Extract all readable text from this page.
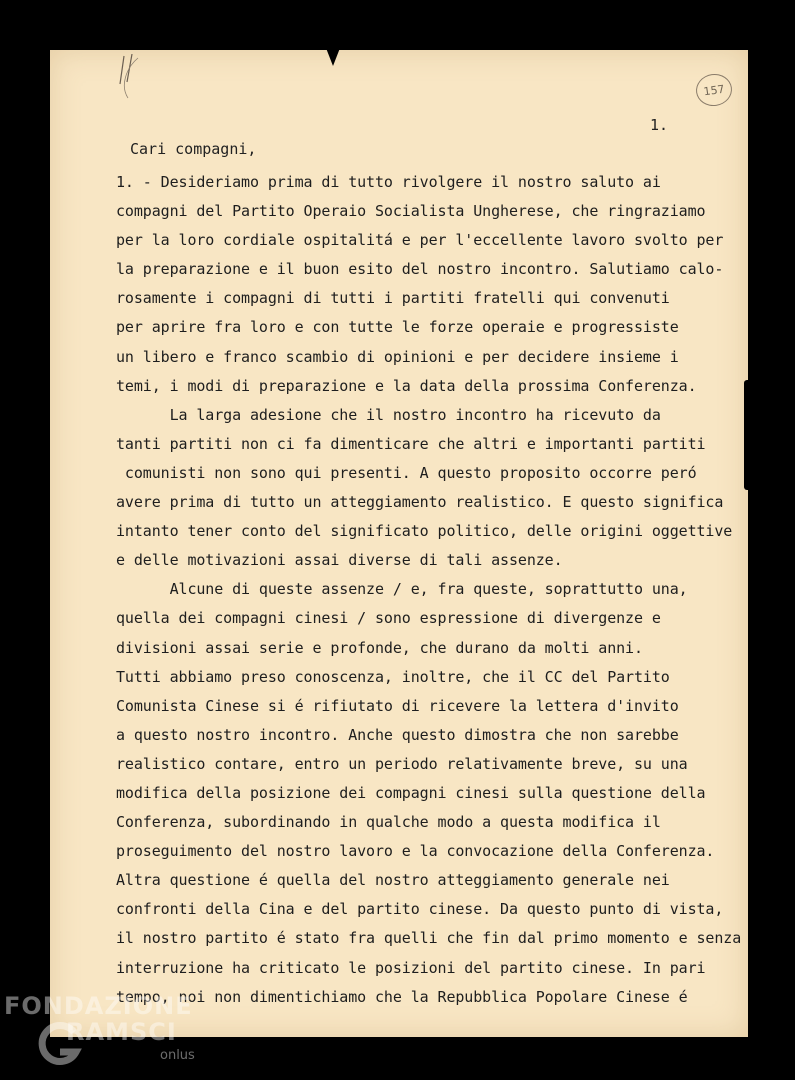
157
1.
Cari compagni,
1. - Desideriamo prima di tutto rivolgere il nostro saluto ai
compagni del Partito Operaio Socialista Ungherese, che ringraziamo
per la loro cordiale ospitalitá e per l'eccellente lavoro svolto per
la preparazione e il buon esito del nostro incontro. Salutiamo calo-
rosamente i compagni di tutti i partiti fratelli qui convenuti
per aprire fra loro e con tutte le forze operaie e progressiste
un libero e franco scambio di opinioni e per decidere insieme i
temi, i modi di preparazione e la data della prossima Conferenza.
La larga adesione che il nostro incontro ha ricevuto da
tanti partiti non ci fa dimenticare che altri e importanti partiti
comunisti non sono qui presenti. A questo proposito occorre peró
avere prima di tutto un atteggiamento realistico. E questo significa
intanto tener conto del significato politico, delle origini oggettive
e delle motivazioni assai diverse di tali assenze.
Alcune di queste assenze / e, fra queste, soprattutto una,
quella dei compagni cinesi / sono espressione di divergenze e
divisioni assai serie e profonde, che durano da molti anni.
Tutti abbiamo preso conoscenza, inoltre, che il CC del Partito
Comunista Cinese si é rifiutato di ricevere la lettera d'invito
a questo nostro incontro. Anche questo dimostra che non sarebbe
realistico contare, entro un periodo relativamente breve, su una
modifica della posizione dei compagni cinesi sulla questione della
Conferenza, subordinando in qualche modo a questa modifica il
proseguimento del nostro lavoro e la convocazione della Conferenza.
Altra questione é quella del nostro atteggiamento generale nei
confronti della Cina e del partito cinese. Da questo punto di vista,
il nostro partito é stato fra quelli che fin dal primo momento e senza
interruzione ha criticato le posizioni del partito cinese. In pari
tempo, noi non dimentichiamo che la Repubblica Popolare Cinese é
FONDAZIONE
RAMSCI
onlus
